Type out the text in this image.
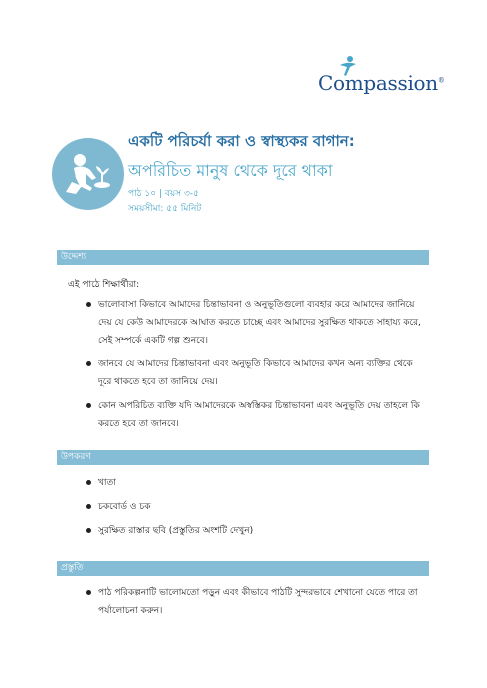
Compassion®
একটি পরিচর্যা করা ও স্বাস্থ্যকর বাগান:
অপরিচিত মানুষ থেকে দূরে থাকা
পাঠ ১০ | বয়স ৩-৫
সময়সীমা: ৫৫ মিনিট
উদ্দেশ্য
এই পাঠে শিক্ষার্থীরা:
ভালোবাসা কিভাবে আমাদের চিন্তাভাবনা ও অনুভূতিগুলো ব্যবহার করে আমাদের জানিয়ে দেয় যে কেউ আমাদেরকে আঘাত করতে চাচ্ছে এবং আমাদের সুরক্ষিত থাকতে সাহায্য করে, সেই সম্পর্কে একটি গল্প শুনবে।
জানবে যে আমাদের চিন্তাভাবনা এবং অনুভূতি কিভাবে আমাদের কখন অন্য ব্যক্তির থেকে দূরে থাকতে হবে তা জানিয়ে দেয়।
কোন অপরিচিত ব্যক্তি যদি আমাদেরকে অস্বস্তিকর চিন্তাভাবনা এবং অনুভূতি দেয় তাহলে কি করতে হবে তা জানবে।
উপকরণ
খাতা
চকবোর্ড ও চক
সুরক্ষিত রাস্তার ছবি (প্রস্তুতির অংশটি দেখুন)
প্রস্তুতি
পাঠ পরিকল্পনাটি ভালোমতো পড়ুন এবং কীভাবে পাঠটি সুন্দরভাবে শেখানো যেতে পারে তা পর্যালোচনা করুন।
